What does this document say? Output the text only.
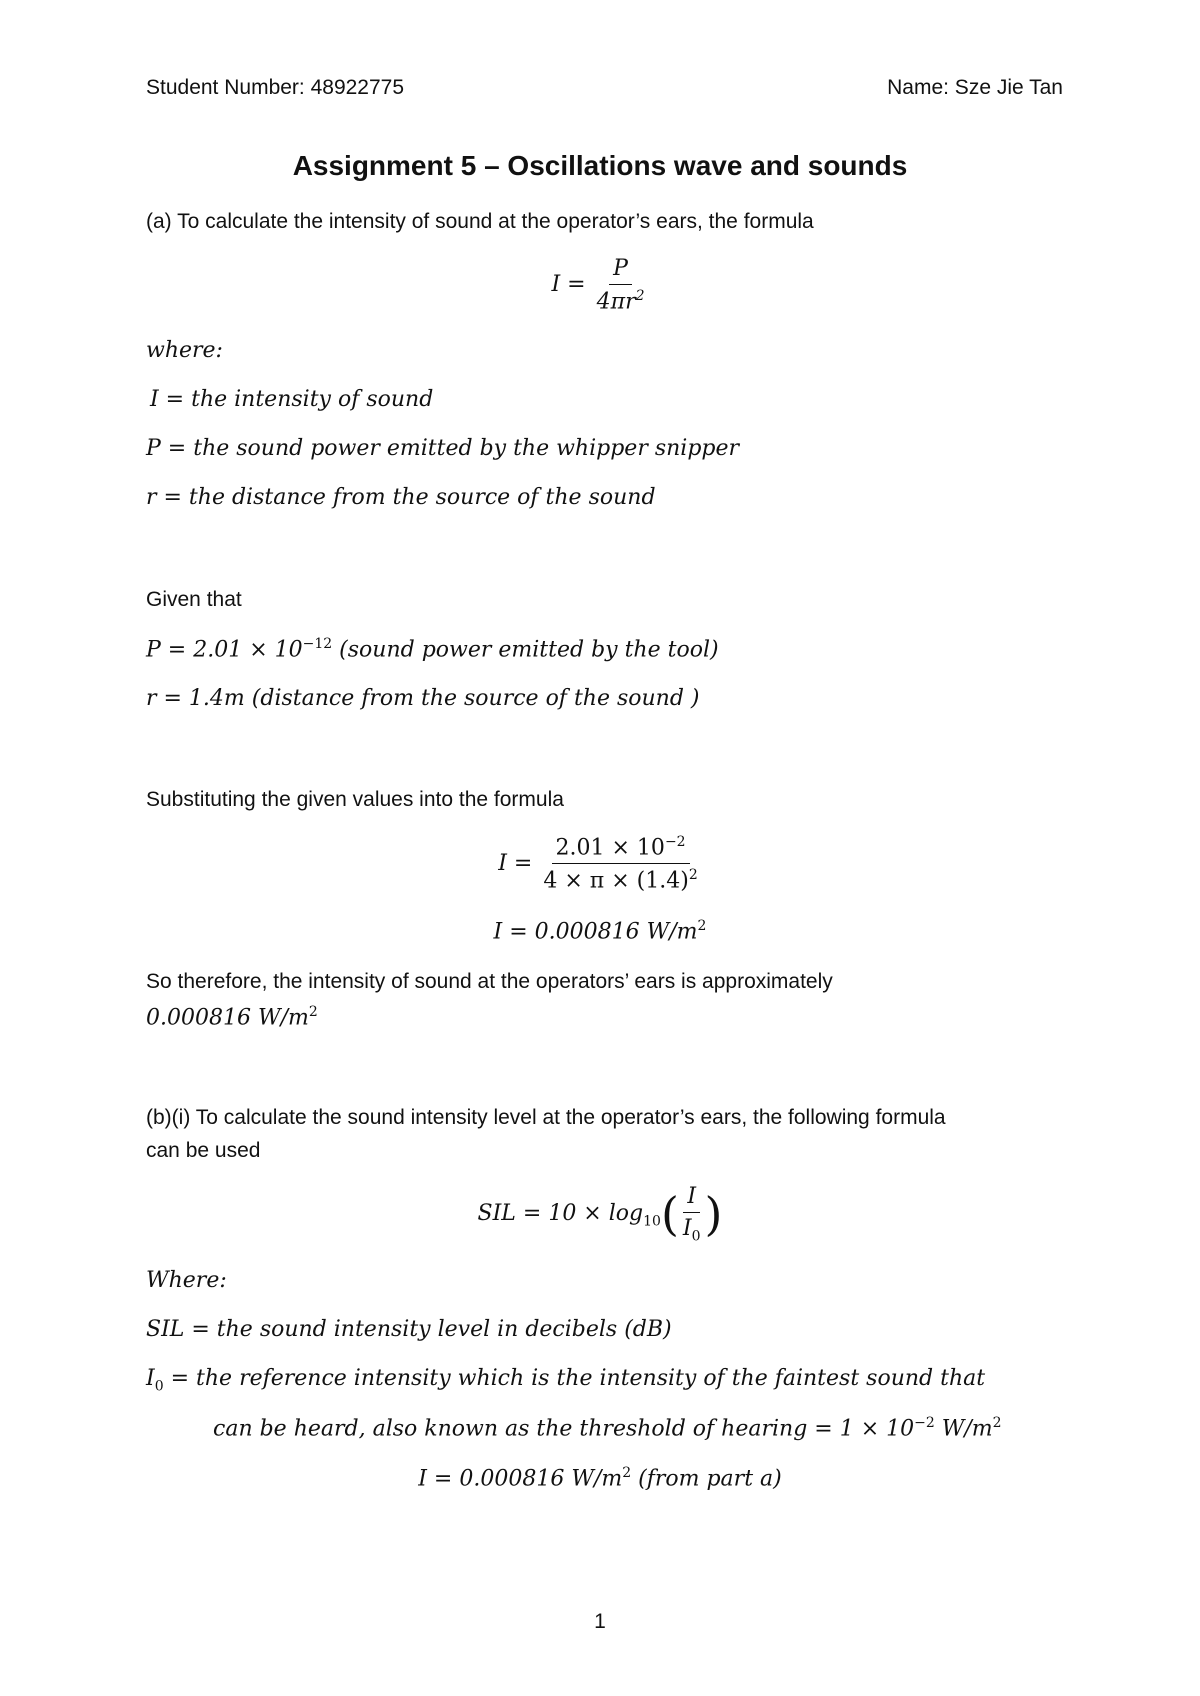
Student Number: 48922775	Name: Sze Jie Tan
Assignment 5 – Oscillations wave and sounds
(a) To calculate the intensity of sound at the operator’s ears, the formula
$I = \frac{P}{4\pi r^2}$
where:
I = the intensity of sound
P = the sound power emitted by the whipper snipper
r = the distance from the source of the sound
Given that
$P = 2.01 \times 10^{-12}$ (sound power emitted by the tool)
r = 1.4m (distance from the source of the sound )
Substituting the given values into the formula
$I = \frac{2.01 \times 10^{-2}}{4 \times \pi \times (1.4)^2}$
I = 0.000816 $W/m^2$
So therefore, the intensity of sound at the operators’ ears is approximately
0.000816 $W/m^2$
(b)(i) To calculate the sound intensity level at the operator’s ears, the following formula
can be used
SIL = $10 \times \log_{10}( \frac{I}{I_0}$ )
Where:
SIL = the sound intensity level in decibels (dB)
$I_0$ = the reference intensity which is the intensity of the faintest sound that
can be heard, also known as the threshold of hearing = $1 \times 10^{-2}$ $W/m^2$
I = 0.000816 $W/m^2$ (from part a)
1
